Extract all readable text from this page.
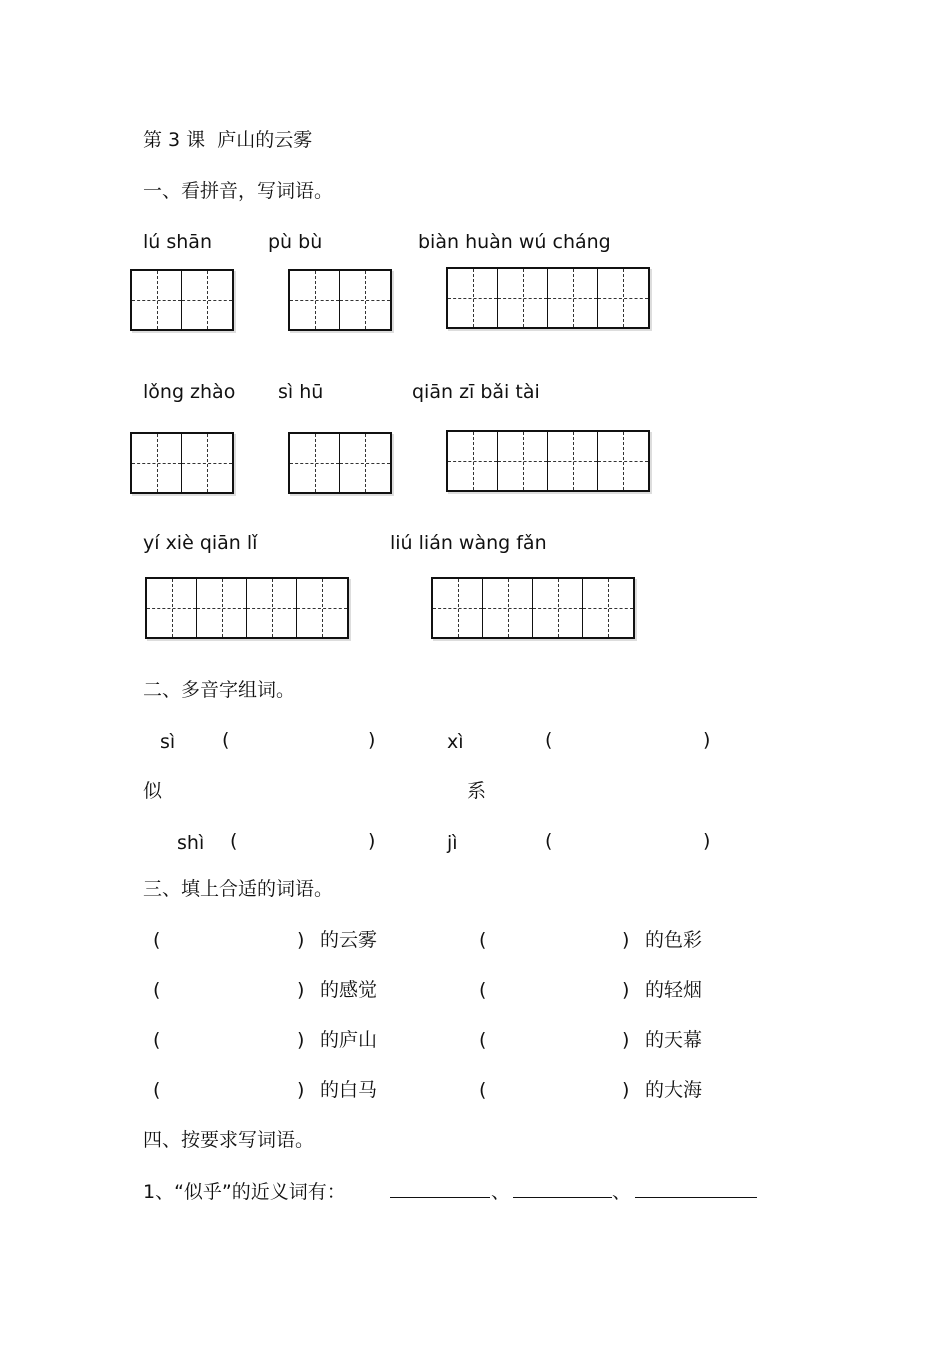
第 3 课  庐山的云雾
一、看拼音，写词语。
lú shān	pù bù	biàn huàn wú cháng
lǒng zhào sì hū	qiān zī bǎi tài
yí xiè qiān lǐ	liú lián wàng fǎn
二、多音字组词。
sì (	)	xì	(	)
似	系
shì (	)	jì	(	)
三、填上合适的词语。
(	) 的云雾	(	) 的色彩
(	) 的感觉	(	) 的轻烟
(	) 的庐山	(	) 的天幕
(	) 的白马	(	) 的大海
四、按要求写词语。
1、“似乎”的近义词有：	、	、
